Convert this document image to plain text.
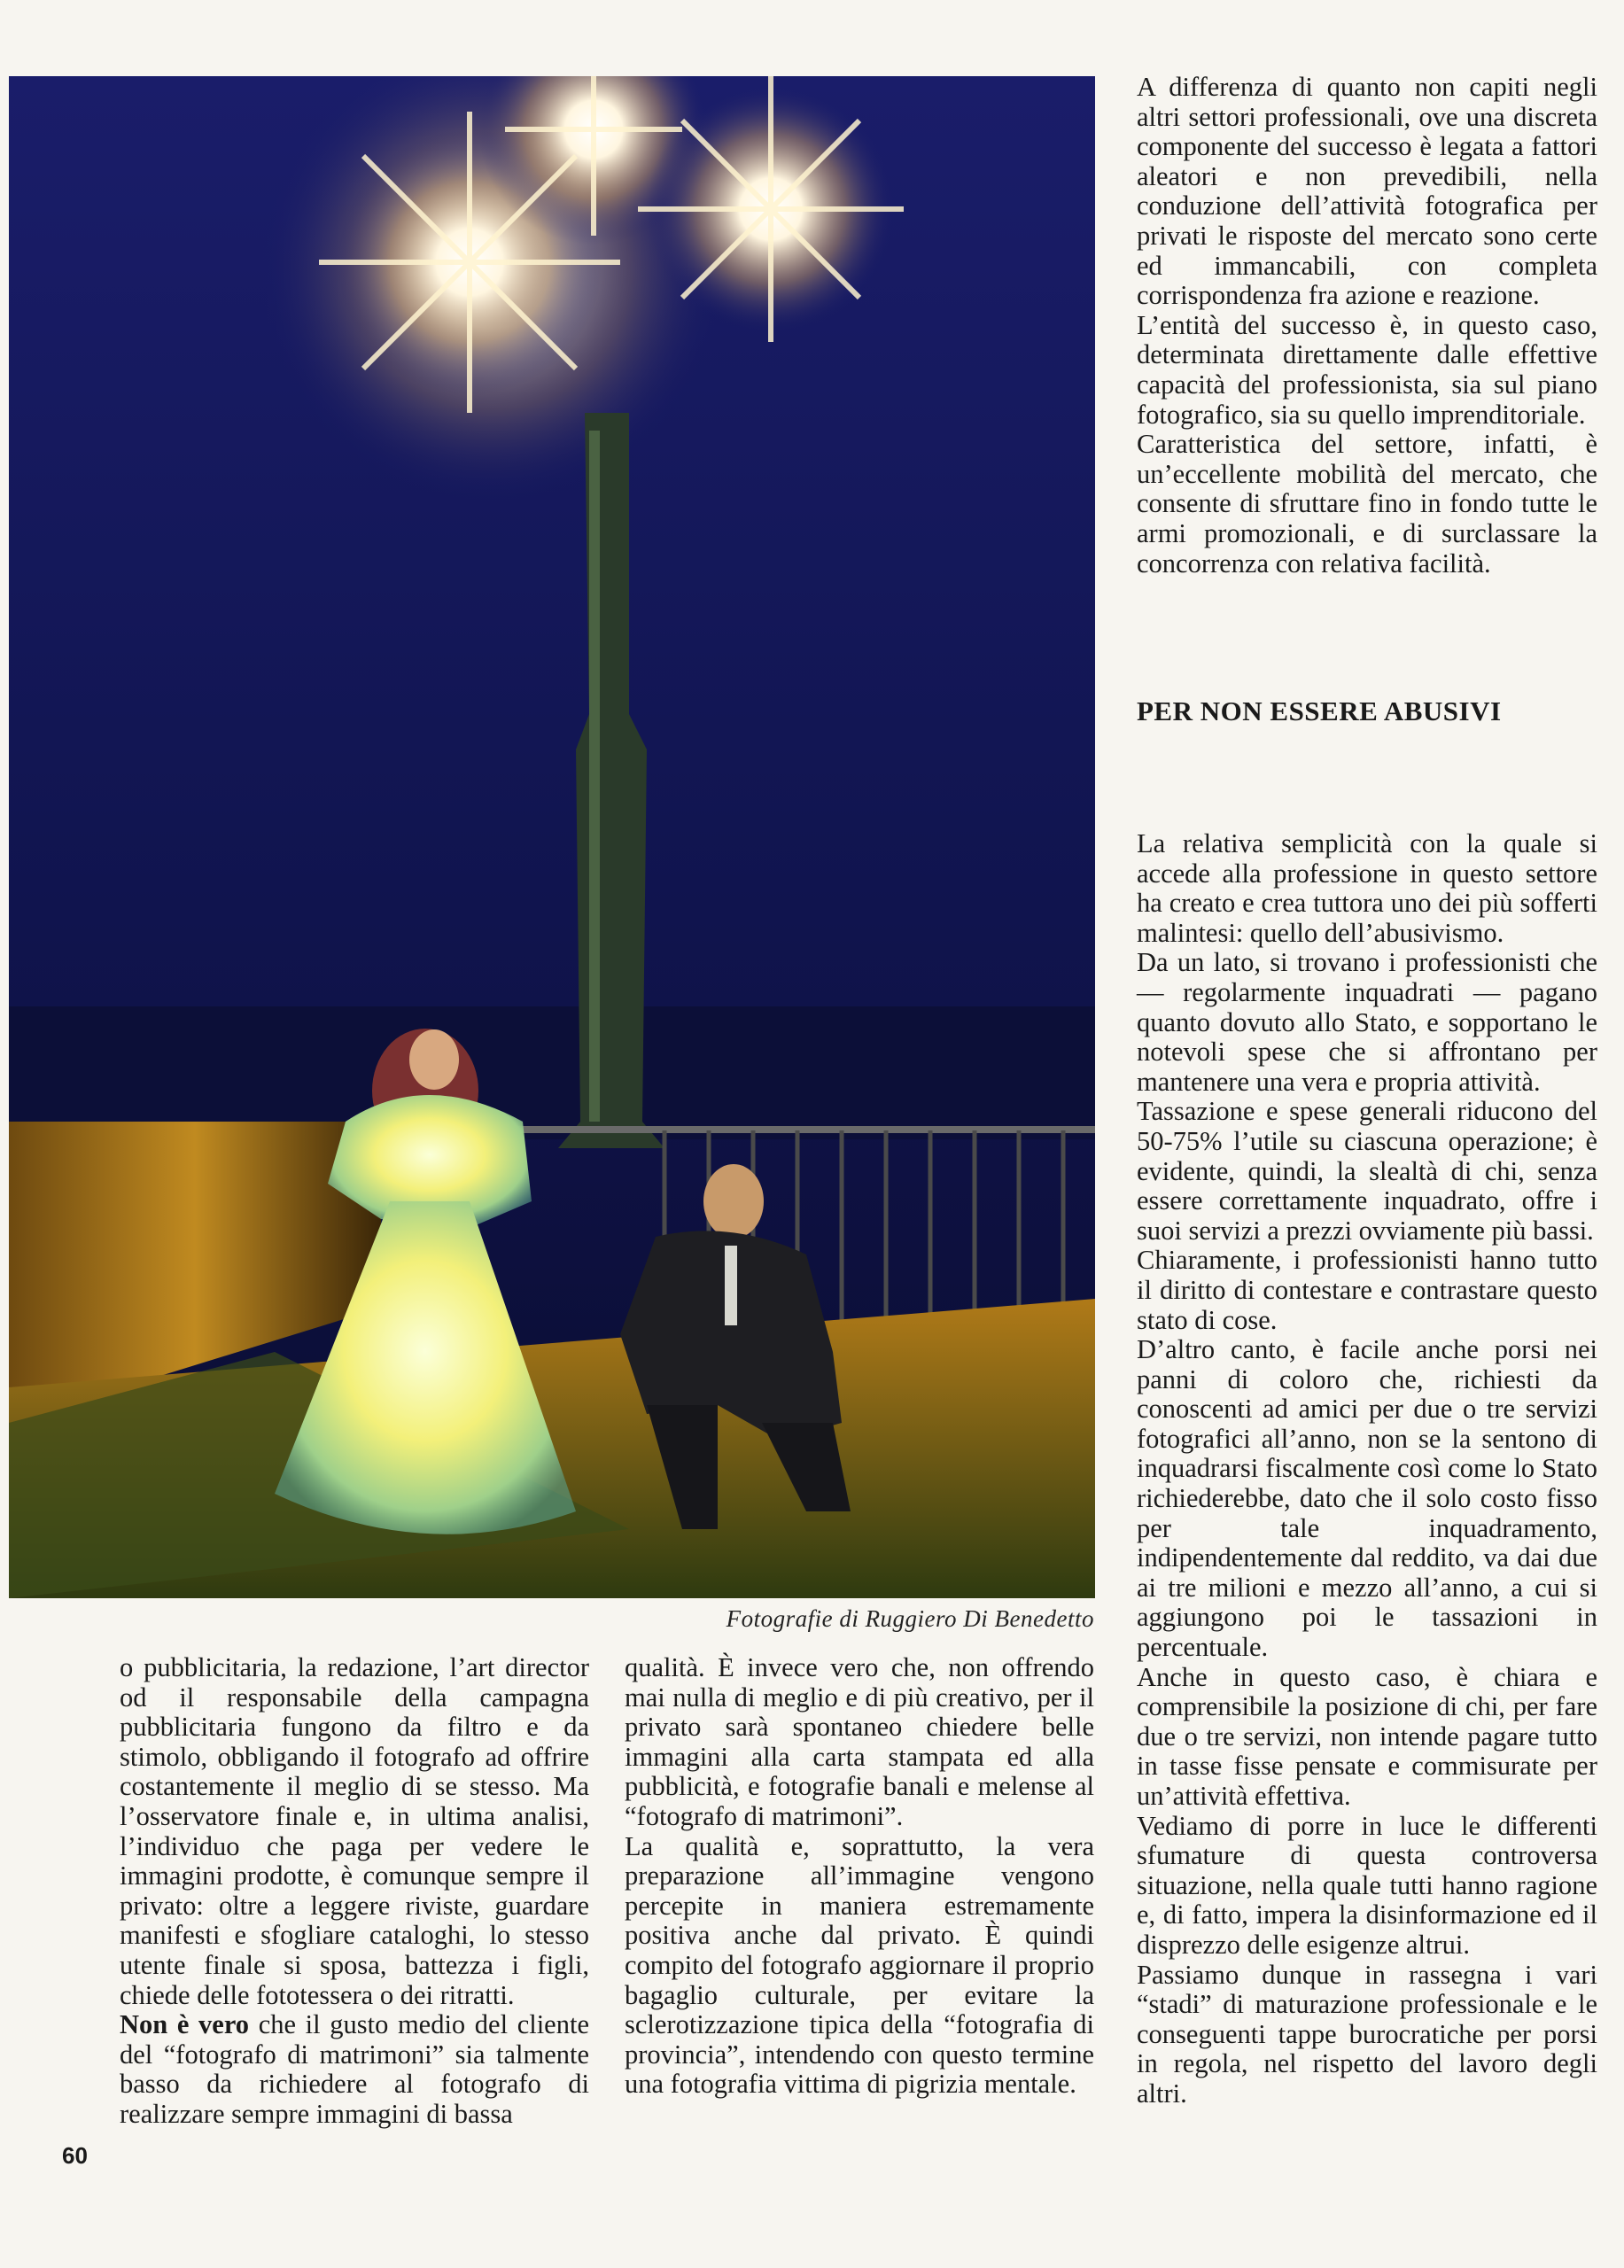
Fotografie di Ruggiero Di Benedetto

o pubblicitaria, la redazione, l’art director od il responsabile della campagna pubblicitaria fungono da filtro e da stimolo, obbligando il fotografo ad offrire costantemente il meglio di se stesso. Ma l’osservatore finale e, in ultima analisi, l’individuo che paga per vedere le immagini prodotte, è comunque sempre il privato: oltre a leggere riviste, guardare manifesti e sfogliare cataloghi, lo stesso utente finale si sposa, battezza i figli, chiede delle fototessera o dei ritratti.

Non è vero che il gusto medio del cliente del “fotografo di matrimoni” sia talmente basso da richiedere al fotografo di realizzare sempre immagini di bassa

qualità. È invece vero che, non offrendo mai nulla di meglio e di più creativo, per il privato sarà spontaneo chiedere belle immagini alla carta stampata ed alla pubblicità, e fotografie banali e melense al “fotografo di matrimoni”.

La qualità e, soprattutto, la vera preparazione all’immagine vengono percepite in maniera estremamente positiva anche dal privato. È quindi compito del fotografo aggiornare il proprio bagaglio culturale, per evitare la sclerotizzazione tipica della “fotografia di provincia”, intendendo con questo termine una fotografia vittima di pigrizia mentale.

A differenza di quanto non capiti negli altri settori professionali, ove una discreta componente del successo è legata a fattori aleatori e non prevedibili, nella conduzione dell’attività fotografica per privati le risposte del mercato sono certe ed immancabili, con completa corrispondenza fra azione e reazione.

L’entità del successo è, in questo caso, determinata direttamente dalle effettive capacità del professionista, sia sul piano fotografico, sia su quello imprenditoriale.

Caratteristica del settore, infatti, è un’eccellente mobilità del mercato, che consente di sfruttare fino in fondo tutte le armi promozionali, e di surclassare la concorrenza con relativa facilità.

PER NON ESSERE ABUSIVI

La relativa semplicità con la quale si accede alla professione in questo settore ha creato e crea tuttora uno dei più sofferti malintesi: quello dell’abusivismo.

Da un lato, si trovano i professionisti che — regolarmente inquadrati — pagano quanto dovuto allo Stato, e sopportano le notevoli spese che si affrontano per mantenere una vera e propria attività.

Tassazione e spese generali riducono del 50-75% l’utile su ciascuna operazione; è evidente, quindi, la slealtà di chi, senza essere correttamente inquadrato, offre i suoi servizi a prezzi ovviamente più bassi.

Chiaramente, i professionisti hanno tutto il diritto di contestare e contrastare questo stato di cose.

D’altro canto, è facile anche porsi nei panni di coloro che, richiesti da conoscenti ad amici per due o tre servizi fotografici all’anno, non se la sentono di inquadrarsi fiscalmente così come lo Stato richiederebbe, dato che il solo costo fisso per tale inquadramento, indipendentemente dal reddito, va dai due ai tre milioni e mezzo all’anno, a cui si aggiungono poi le tassazioni in percentuale.

Anche in questo caso, è chiara e comprensibile la posizione di chi, per fare due o tre servizi, non intende pagare tutto in tasse fisse pensate e commisurate per un’attività effettiva.

Vediamo di porre in luce le differenti sfumature di questa controversa situazione, nella quale tutti hanno ragione e, di fatto, impera la disinformazione ed il disprezzo delle esigenze altrui.

Passiamo dunque in rassegna i vari “stadi” di maturazione professionale e le conseguenti tappe burocratiche per porsi in regola, nel rispetto del lavoro degli altri.

60
